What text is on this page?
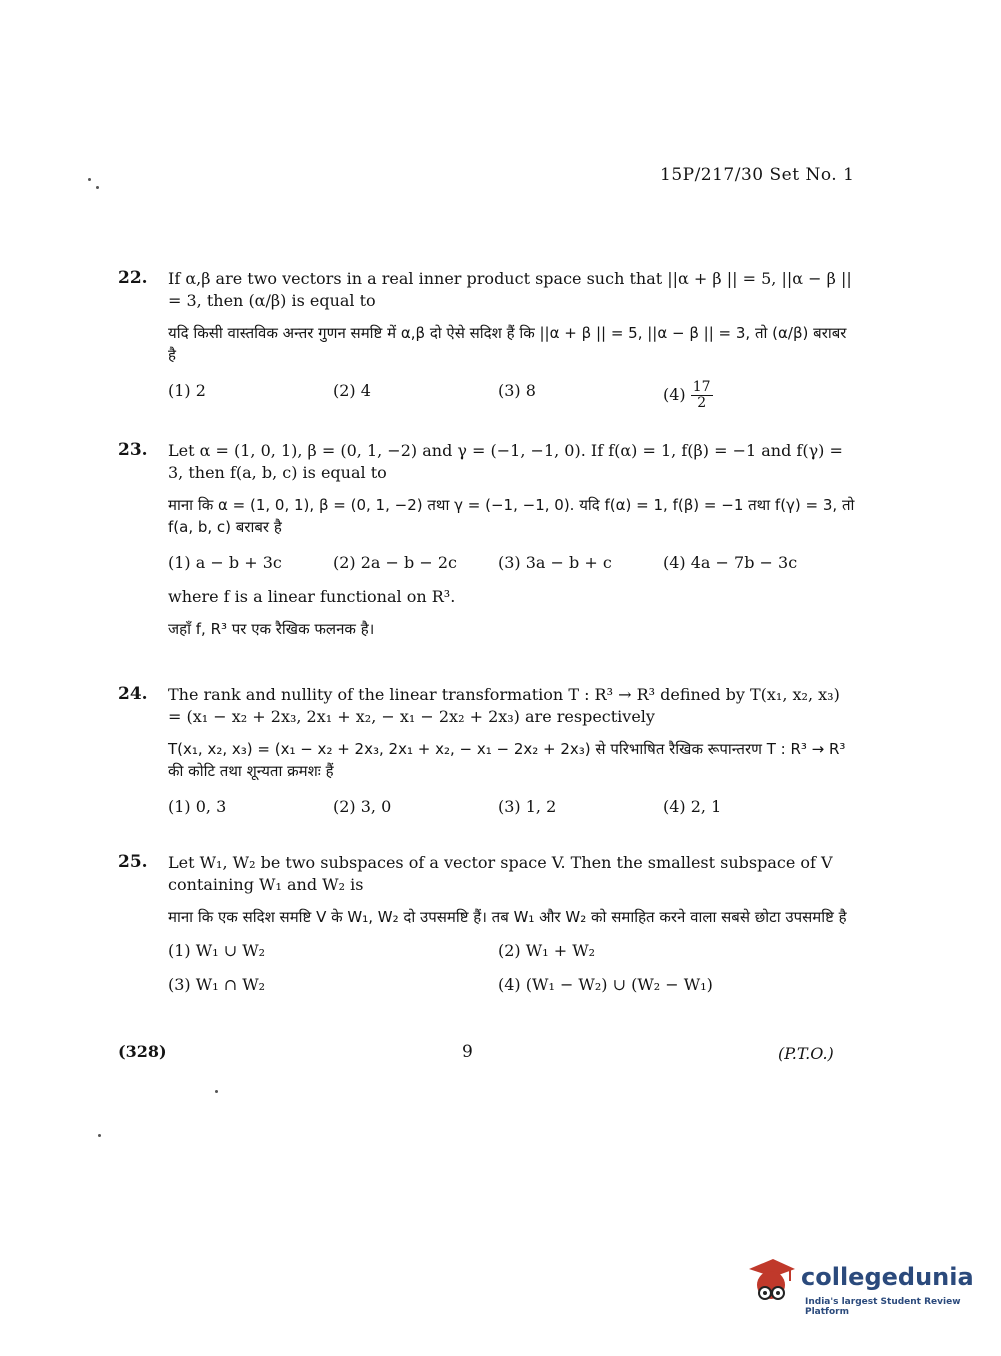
15P/217/30 Set No. 1
22. If α,β are two vectors in a real inner product space such that ||α + β || = 5, ||α − β || = 3, then (α/β) is equal to

यदि किसी वास्तविक अन्तर गुणन समष्टि में α,β दो ऐसे सदिश हैं कि ||α + β || = 5, ||α − β || = 3, तो (α/β) बराबर है

(1) 2	(2) 4	(3) 8	$(4) \frac{17}{2}$
23. Let α = (1, 0, 1), β = (0, 1, −2) and γ = (−1, −1, 0). If f(α) = 1, f(β) = −1 and f(γ) = 3, then f(a, b, c) is equal to

माना कि α = (1, 0, 1), β = (0, 1, −2) तथा γ = (−1, −1, 0). यदि f(α) = 1, f(β) = −1 तथा f(γ) = 3, तो f(a, b, c) बराबर है

(1) a − b + 3c	(2) 2a − b − 2c	(3) 3a − b + c	(4) 4a − 7b − 3c

where f is a linear functional on R³.

जहाँ f, R³ पर एक रैखिक फलनक है।

24. The rank and nullity of the linear transformation T : R³ → R³ defined by T(x₁, x₂, x₃) = (x₁ − x₂ + 2x₃, 2x₁ + x₂, − x₁ − 2x₂ + 2x₃) are respectively

T(x₁, x₂, x₃) = (x₁ − x₂ + 2x₃, 2x₁ + x₂, − x₁ − 2x₂ + 2x₃) से परिभाषित रैखिक रूपान्तरण T : R³ → R³ की कोटि तथा शून्यता क्रमशः हैं

(1) 0, 3	(2) 3, 0	(3) 1, 2	(4) 2, 1
25. Let W₁, W₂ be two subspaces of a vector space V. Then the smallest subspace of V containing W₁ and W₂ is

माना कि एक सदिश समष्टि V के W₁, W₂ दो उपसमष्टि हैं। तब W₁ और W₂ को समाहित करने वाला सबसे छोटा उपसमष्टि है

(1) W₁ ∪ W₂	(2) W₁ + W₂
(3) W₁ ∩ W₂	(4) (W₁ − W₂) ∪ (W₂ − W₁)
(328)	9	(P.T.O.)
collegedunia
India's largest Student Review Platform
